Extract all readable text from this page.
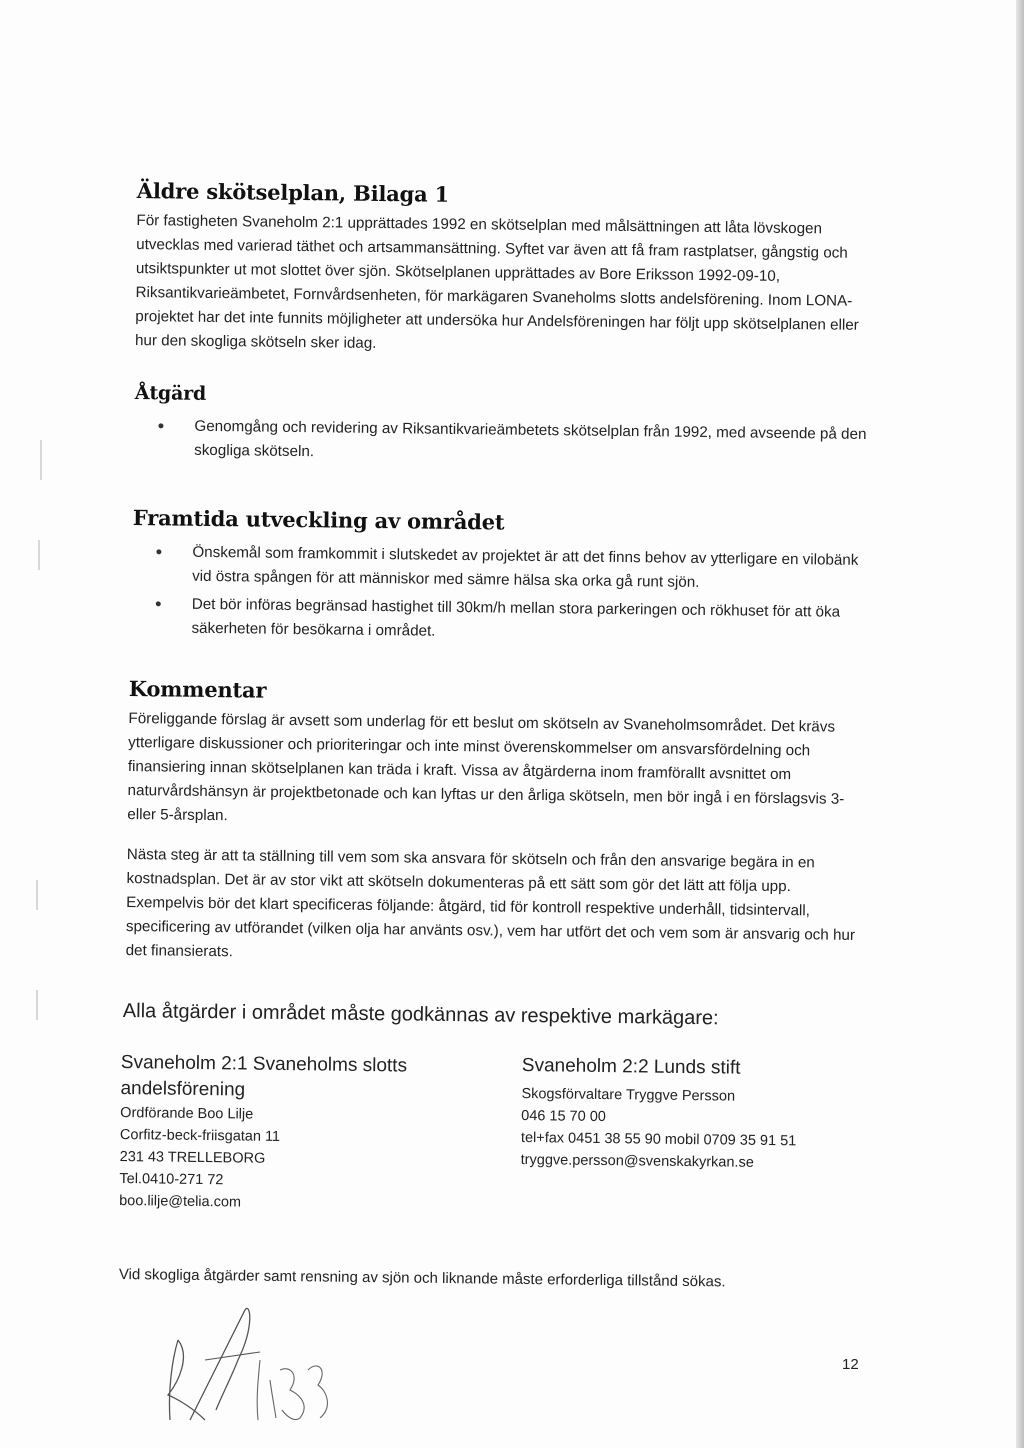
Äldre skötselplan, Bilaga 1

För fastigheten Svaneholm 2:1 upprättades 1992 en skötselplan med målsättningen att låta lövskogen utvecklas med varierad täthet och artsammansättning. Syftet var även att få fram rastplatser, gångstig och utsiktspunkter ut mot slottet över sjön. Skötselplanen upprättades av Bore Eriksson 1992-09-10, Riksantikvarieämbetet, Fornvårdsenheten, för markägaren Svaneholms slotts andelsförening. Inom LONA-projektet har det inte funnits möjligheter att undersöka hur Andelsföreningen har följt upp skötselplanen eller hur den skogliga skötseln sker idag.

Åtgärd
Genomgång och revidering av Riksantikvarieämbetets skötselplan från 1992, med avseende på den skogliga skötseln.
Framtida utveckling av området
Önskemål som framkommit i slutskedet av projektet är att det finns behov av ytterligare en vilobänk vid östra spången för att människor med sämre hälsa ska orka gå runt sjön.
Det bör införas begränsad hastighet till 30km/h mellan stora parkeringen och rökhuset för att öka säkerheten för besökarna i området.
Kommentar

Föreliggande förslag är avsett som underlag för ett beslut om skötseln av Svaneholmsområdet. Det krävs ytterligare diskussioner och prioriteringar och inte minst överenskommelser om ansvarsfördelning och finansiering innan skötselplanen kan träda i kraft. Vissa av åtgärderna inom framförallt avsnittet om naturvårdshänsyn är projektbetonade och kan lyftas ur den årliga skötseln, men bör ingå i en förslagsvis 3- eller 5-årsplan.

Nästa steg är att ta ställning till vem som ska ansvara för skötseln och från den ansvarige begära in en kostnadsplan. Det är av stor vikt att skötseln dokumenteras på ett sätt som gör det lätt att följa upp. Exempelvis bör det klart specificeras följande: åtgärd, tid för kontroll respektive underhåll, tidsintervall, specificering av utförandet (vilken olja har använts osv.), vem har utfört det och vem som är ansvarig och hur det finansierats.

Alla åtgärder i området måste godkännas av respektive markägare:
Svaneholm 2:1 Svaneholms slotts andelsförening
Ordförande Boo Lilje
Corfitz-beck-friisgatan 11
231 43 TRELLEBORG
Tel.0410-271 72
boo.lilje@telia.com
Svaneholm 2:2 Lunds stift
Skogsförvaltare Tryggve Persson
046 15 70 00
tel+fax 0451 38 55 90 mobil 0709 35 91 51
tryggve.persson@svenskakyrkan.se
Vid skogliga åtgärder samt rensning av sjön och liknande måste erforderliga tillstånd sökas.
12
